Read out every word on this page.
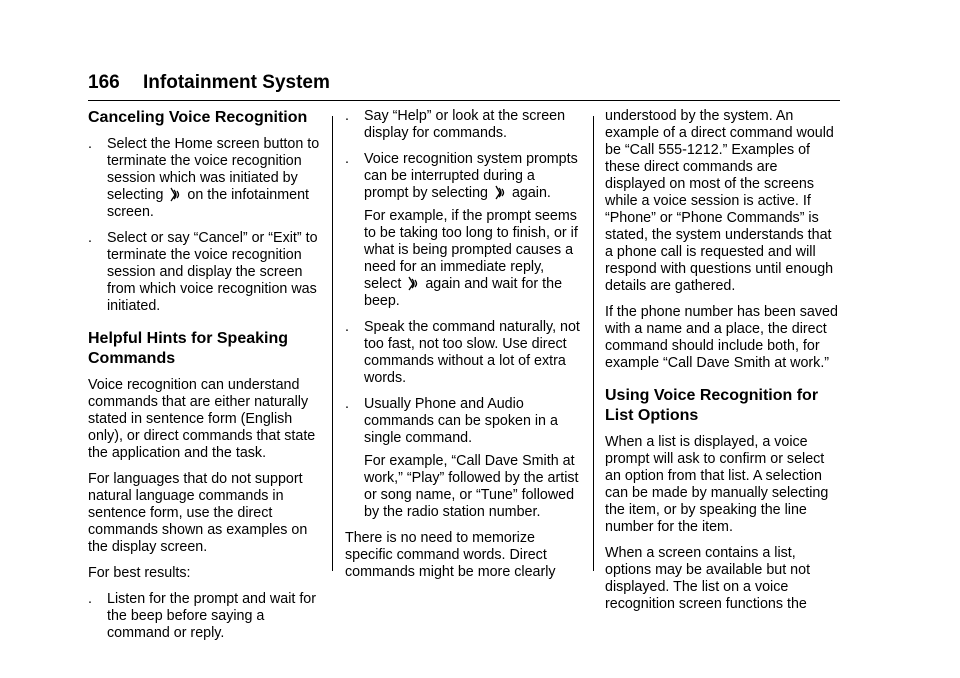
166 Infotainment System
Canceling Voice Recognition
. Select the Home screen button to terminate the voice recognition session which was initiated by selecting on the infotainment screen.
. Select or say “Cancel” or “Exit” to terminate the voice recognition session and display the screen from which voice recognition was initiated.
Helpful Hints for Speaking Commands

Voice recognition can understand commands that are either naturally stated in sentence form (English only), or direct commands that state the application and the task.

For languages that do not support natural language commands in sentence form, use the direct commands shown as examples on the display screen.

For best results:

. Listen for the prompt and wait for the beep before saying a command or reply.
. Say “Help” or look at the screen display for commands.
. Voice recognition system prompts can be interrupted during a prompt by selecting again.

For example, if the prompt seems to be taking too long to finish, or if what is being prompted causes a need for an immediate reply, select again and wait for the beep.

. Speak the command naturally, not too fast, not too slow. Use direct commands without a lot of extra words.
. Usually Phone and Audio commands can be spoken in a single command.

For example, “Call Dave Smith at work,” “Play” followed by the artist or song name, or “Tune” followed by the radio station number.

There is no need to memorize specific command words. Direct commands might be more clearly

understood by the system. An example of a direct command would be “Call 555-1212.” Examples of these direct commands are displayed on most of the screens while a voice session is active. If “Phone” or “Phone Commands” is stated, the system understands that a phone call is requested and will respond with questions until enough details are gathered.

If the phone number has been saved with a name and a place, the direct command should include both, for example “Call Dave Smith at work.”

Using Voice Recognition for List Options

When a list is displayed, a voice prompt will ask to confirm or select an option from that list. A selection can be made by manually selecting the item, or by speaking the line number for the item.

When a screen contains a list, options may be available but not displayed. The list on a voice recognition screen functions the
